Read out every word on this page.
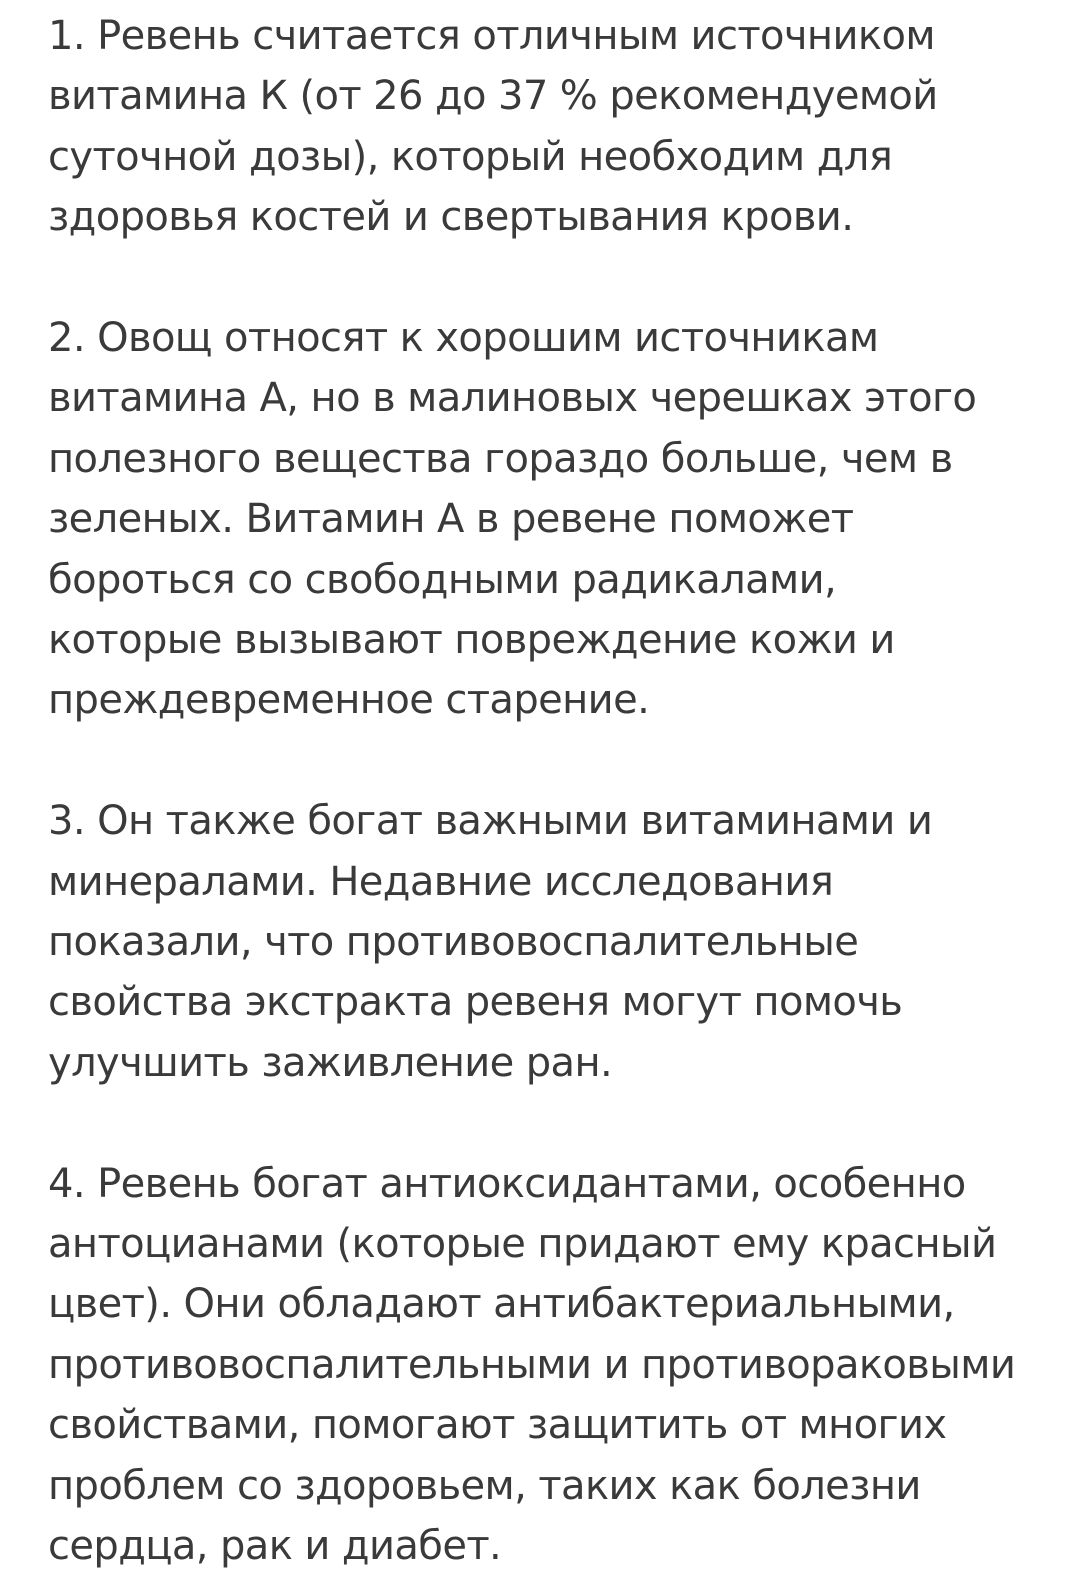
1. Ревень считается отличным источником
витамина К (от 26 до 37 % рекомендуемой
суточной дозы), который необходим для
здоровья костей и свертывания крови.

2. Овощ относят к хорошим источникам
витамина А, но в малиновых черешках этого
полезного вещества гораздо больше, чем в
зеленых. Витамин А в ревене поможет
бороться со свободными радикалами,
которые вызывают повреждение кожи и
преждевременное старение.

3. Он также богат важными витаминами и
минералами. Недавние исследования
показали, что противовоспалительные
свойства экстракта ревеня могут помочь
улучшить заживление ран.

4. Ревень богат антиоксидантами, особенно
антоцианами (которые придают ему красный
цвет). Они обладают антибактериальными,
противовоспалительными и противораковыми
свойствами, помогают защитить от многих
проблем со здоровьем, таких как болезни
сердца, рак и диабет.
